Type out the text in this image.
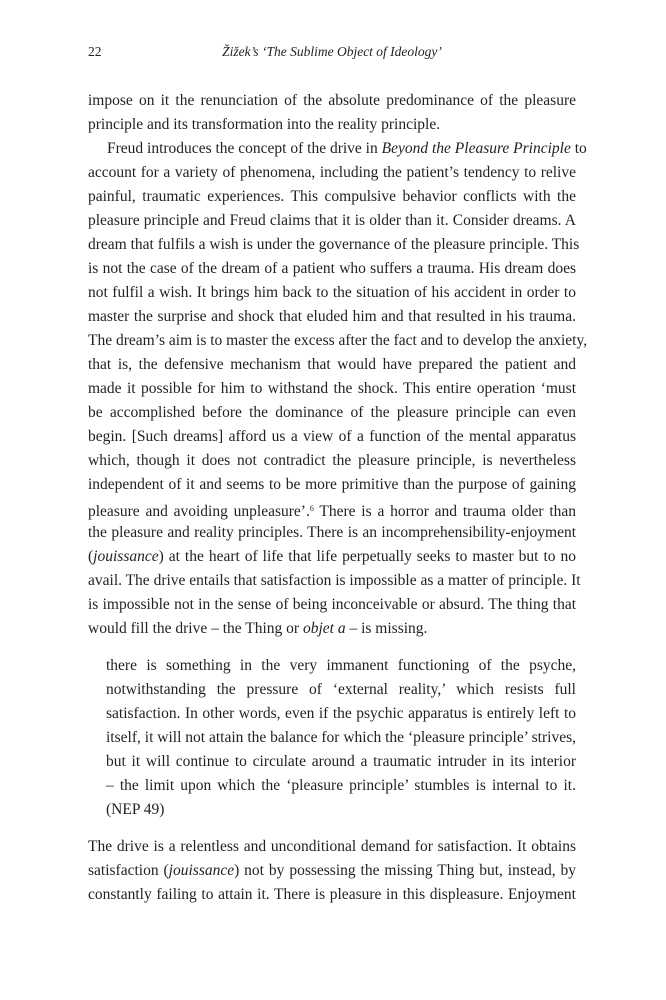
22	Žižek’s ‘The Sublime Object of Ideology’
impose on it the renunciation of the absolute predominance of the pleasure
principle and its transformation into the reality principle.
Freud introduces the concept of the drive in Beyond the Pleasure Principle to
account for a variety of phenomena, including the patient’s tendency to relive
painful, traumatic experiences. This compulsive behavior conflicts with the
pleasure principle and Freud claims that it is older than it. Consider dreams. A
dream that fulfils a wish is under the governance of the pleasure principle. This
is not the case of the dream of a patient who suffers a trauma. His dream does
not fulfil a wish. It brings him back to the situation of his accident in order to
master the surprise and shock that eluded him and that resulted in his trauma.
The dream’s aim is to master the excess after the fact and to develop the anxiety,
that is, the defensive mechanism that would have prepared the patient and
made it possible for him to withstand the shock. This entire operation ‘must
be accomplished before the dominance of the pleasure principle can even
begin. [Such dreams] afford us a view of a function of the mental apparatus
which, though it does not contradict the pleasure principle, is nevertheless
independent of it and seems to be more primitive than the purpose of gaining
pleasure and avoiding unpleasure’.$^6$ There is a horror and trauma older than
the pleasure and reality principles. There is an incomprehensibility-enjoyment
(jouissance) at the heart of life that life perpetually seeks to master but to no
avail. The drive entails that satisfaction is impossible as a matter of principle. It
is impossible not in the sense of being inconceivable or absurd. The thing that
would fill the drive – the Thing or objet a – is missing.
there is something in the very immanent functioning of the psyche,
notwithstanding the pressure of ‘external reality,’ which resists full
satisfaction. In other words, even if the psychic apparatus is entirely left to
itself, it will not attain the balance for which the ‘pleasure principle’ strives,
but it will continue to circulate around a traumatic intruder in its interior
– the limit upon which the ‘pleasure principle’ stumbles is internal to it.
(NEP 49)
The drive is a relentless and unconditional demand for satisfaction. It obtains
satisfaction (jouissance) not by possessing the missing Thing but, instead, by
constantly failing to attain it. There is pleasure in this displeasure. Enjoyment
